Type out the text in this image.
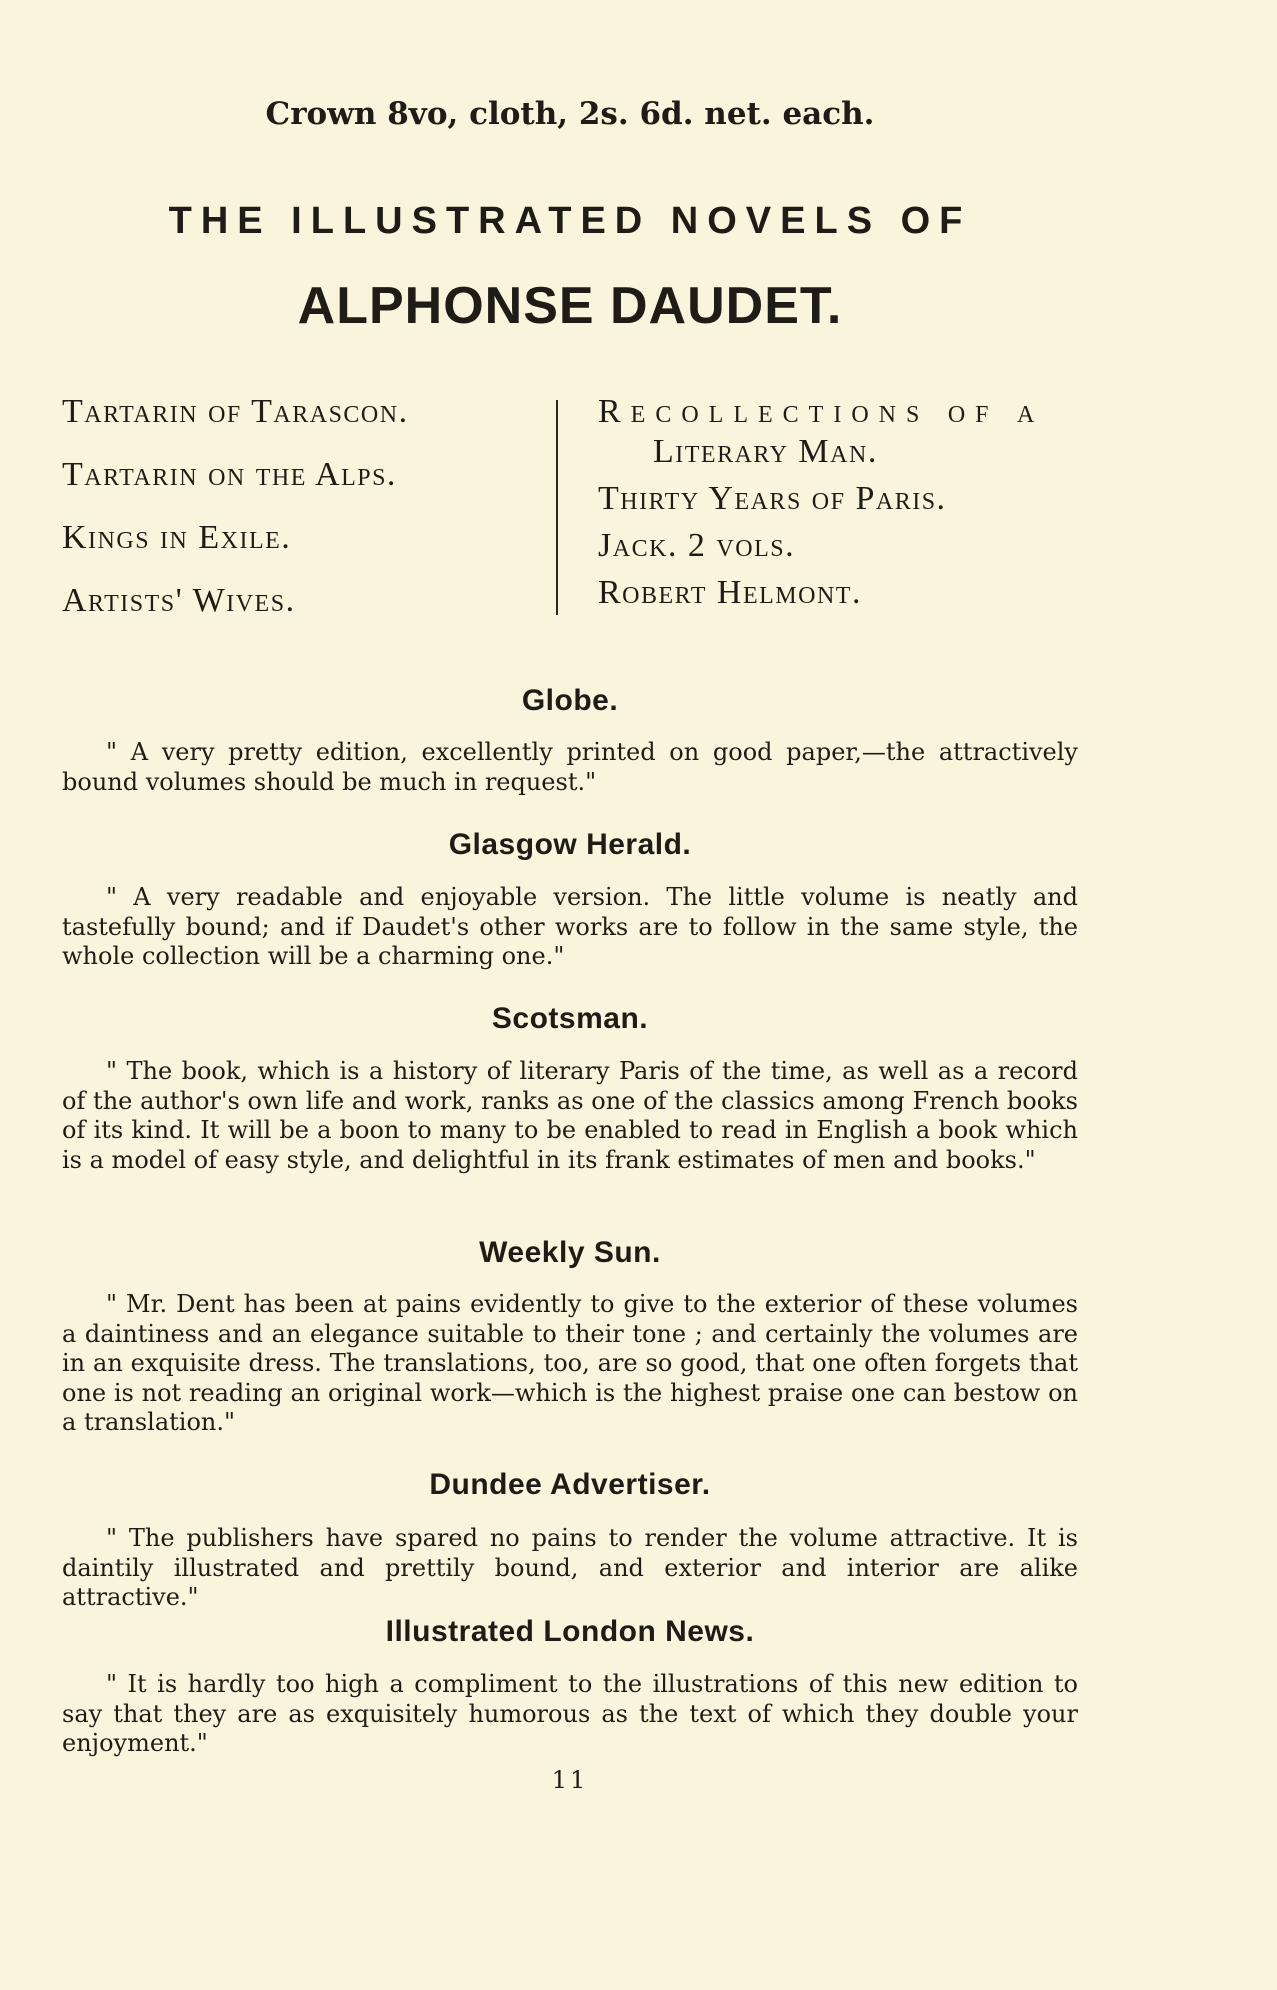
Crown 8vo, cloth, 2s. 6d. net. each.
THE ILLUSTRATED NOVELS OF
ALPHONSE DAUDET.
Tartarin of Tarascon.
Tartarin on the Alps.
Kings in Exile.
Artists' Wives.
Recollections of a
Literary Man.
Thirty Years of Paris.
Jack. 2 vols.
Robert Helmont.
Globe.
" A very pretty edition, excellently printed on good paper,—the attractively bound volumes should be much in request."
Glasgow Herald.
" A very readable and enjoyable version. The little volume is neatly and tastefully bound; and if Daudet's other works are to follow in the same style, the whole collection will be a charming one."
Scotsman.
" The book, which is a history of literary Paris of the time, as well as a record of the author's own life and work, ranks as one of the classics among French books of its kind. It will be a boon to many to be enabled to read in English a book which is a model of easy style, and delightful in its frank estimates of men and books."
Weekly Sun.
" Mr. Dent has been at pains evidently to give to the exterior of these volumes a daintiness and an elegance suitable to their tone ; and certainly the volumes are in an exquisite dress. The translations, too, are so good, that one often forgets that one is not reading an original work—which is the highest praise one can bestow on a translation."
Dundee Advertiser.
" The publishers have spared no pains to render the volume attractive. It is daintily illustrated and prettily bound, and exterior and interior are alike attractive."
Illustrated London News.
" It is hardly too high a compliment to the illustrations of this new edition to say that they are as exquisitely humorous as the text of which they double your enjoyment."
11
